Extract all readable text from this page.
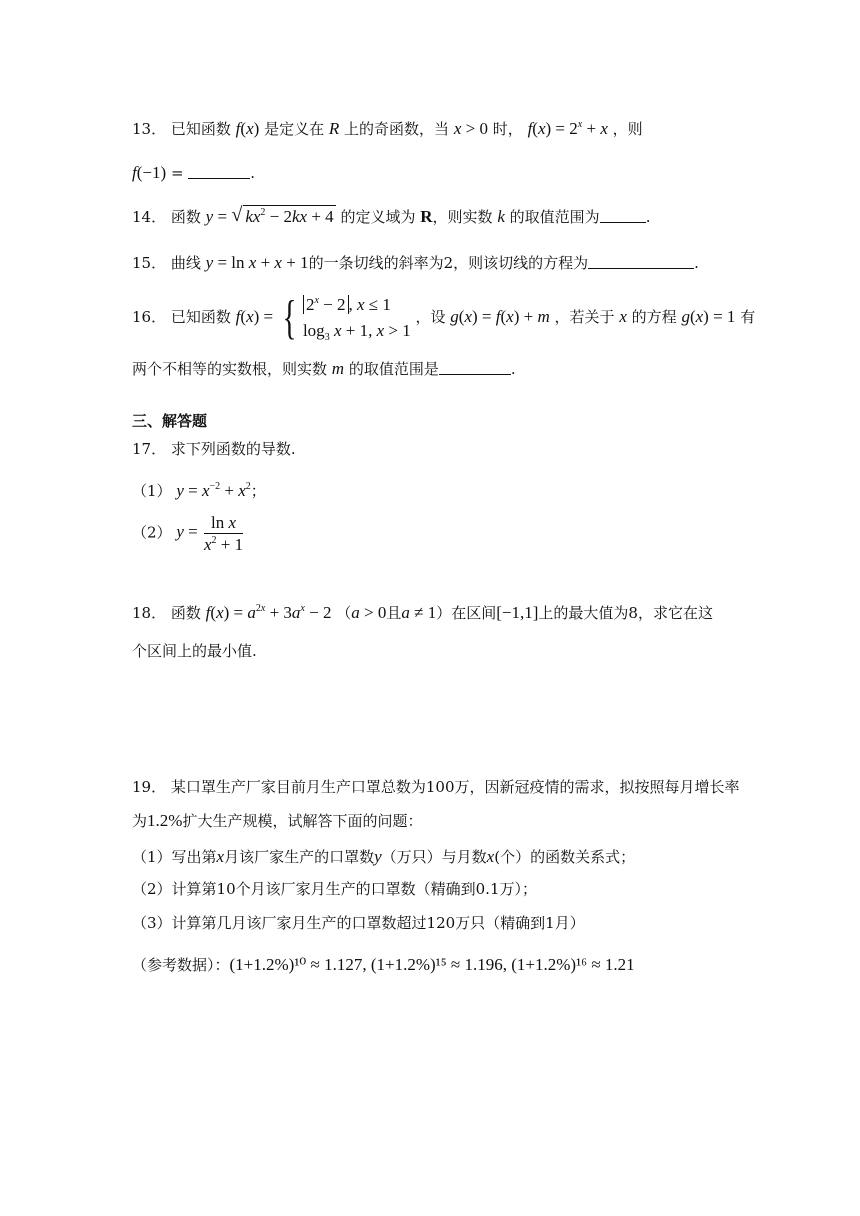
13． 已知函数 f(x) 是定义在 R 上的奇函数，当 x > 0 时， $f(x) = 2^x + x$ ，则
f(−1) =	.
14． 函数 y = √ $kx^2 - 2kx + 4$ 的定义域为 R，则实数 k 的取值范围为	.
15． 曲线 y = ln x + x + 1的一条切线的斜率为2，则该切线的方程为	.
16． 已知函数 f(x) = { $2^x - 2$ , x ≤ 1
$\log_3 x + 1$, x > 1
，设 g(x) = f(x) + m ，若关于 x 的方程 g(x) = 1 有
两个不相等的实数根，则实数 m 的取值范围是	.
三、解答题
17． 求下列函数的导数.
（1） $y = x^{-2} + x^2$；
（2） $y = \frac{\text{ln x}}{x^2 + 1}$
18． 函数 $f(x) = a^{2x} + 3a^x - 2$ （a > 0且a ≠ 1）在区间[−1,1]上的最大值为8，求它在这
个区间上的最小值.
19． 某口罩生产厂家目前月生产口罩总数为100万，因新冠疫情的需求，拟按照每月增长率
为1.2%扩大生产规模，试解答下面的问题：
（1）写出第x月该厂家生产的口罩数y（万只）与月数x(个）的函数关系式；
（2）计算第10个月该厂家月生产的口罩数（精确到0.1万）；
（3）计算第几月该厂家月生产的口罩数超过120万只（精确到1月）
（参考数据）：(1+1.2%)¹⁰ ≈ 1.127, (1+1.2%)¹⁵ ≈ 1.196, (1+1.2%)¹⁶ ≈ 1.21
